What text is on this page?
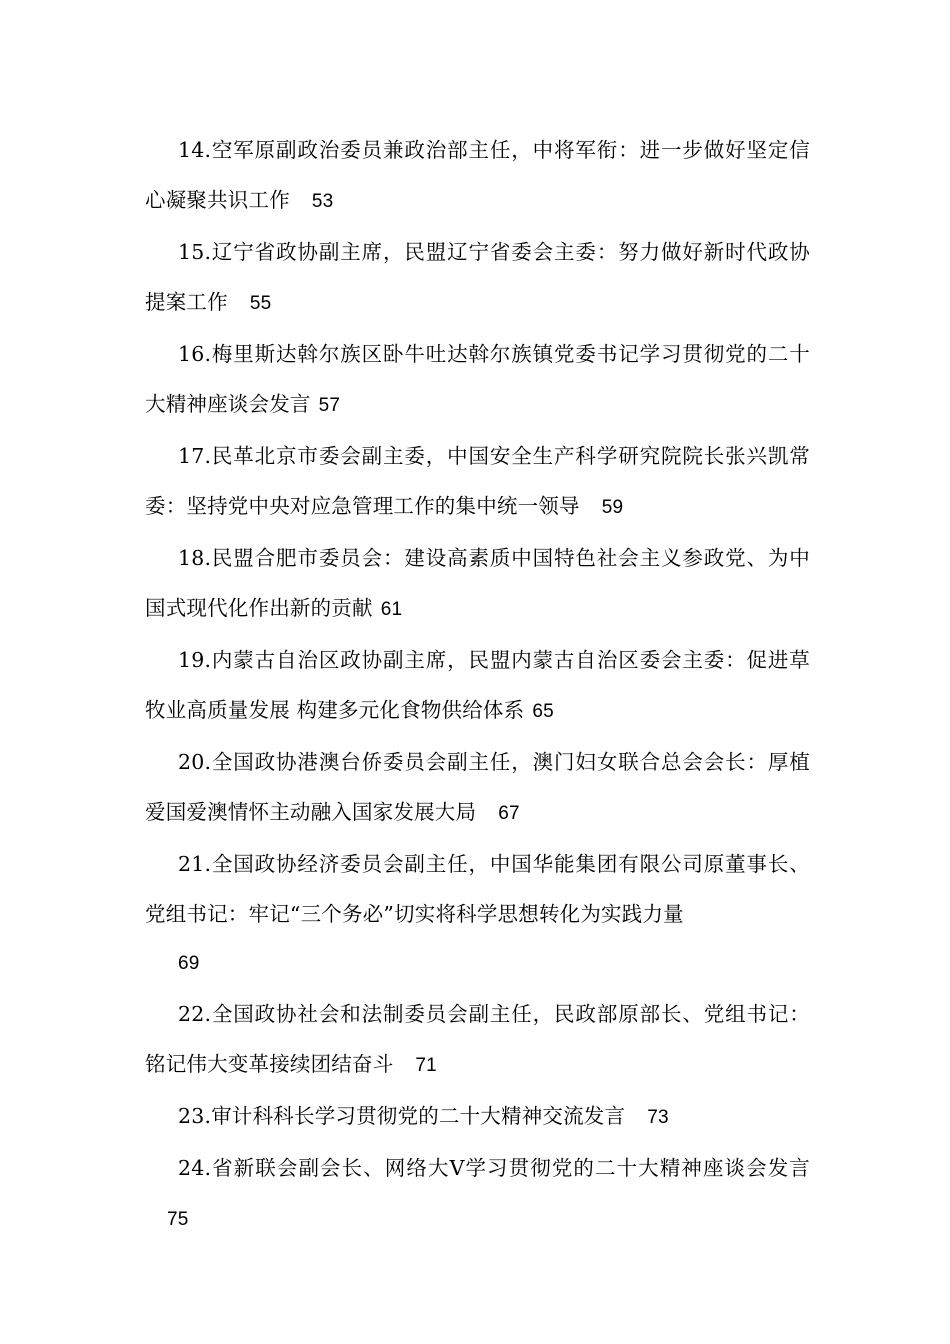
14.空军原副政治委员兼政治部主任，中将军衔：进一步做好坚定信心凝聚共识工作 53
15.辽宁省政协副主席，民盟辽宁省委会主委：努力做好新时代政协提案工作 55
16.梅里斯达斡尔族区卧牛吐达斡尔族镇党委书记学习贯彻党的二十大精神座谈会发言 57
17.民革北京市委会副主委，中国安全生产科学研究院院长张兴凯常委：坚持党中央对应急管理工作的集中统一领导 59
18.民盟合肥市委员会：建设高素质中国特色社会主义参政党、为中国式现代化作出新的贡献 61
19.内蒙古自治区政协副主席，民盟内蒙古自治区委会主委：促进草牧业高质量发展 构建多元化食物供给体系 65
20.全国政协港澳台侨委员会副主任，澳门妇女联合总会会长：厚植爱国爱澳情怀主动融入国家发展大局 67
21.全国政协经济委员会副主任，中国华能集团有限公司原董事长、党组书记：牢记“三个务必”切实将科学思想转化为实践力量
69
22.全国政协社会和法制委员会副主任，民政部原部长、党组书记：铭记伟大变革接续团结奋斗 71
23.审计科科长学习贯彻党的二十大精神交流发言 73
24.省新联会副会长、网络大V学习贯彻党的二十大精神座谈会发言75
